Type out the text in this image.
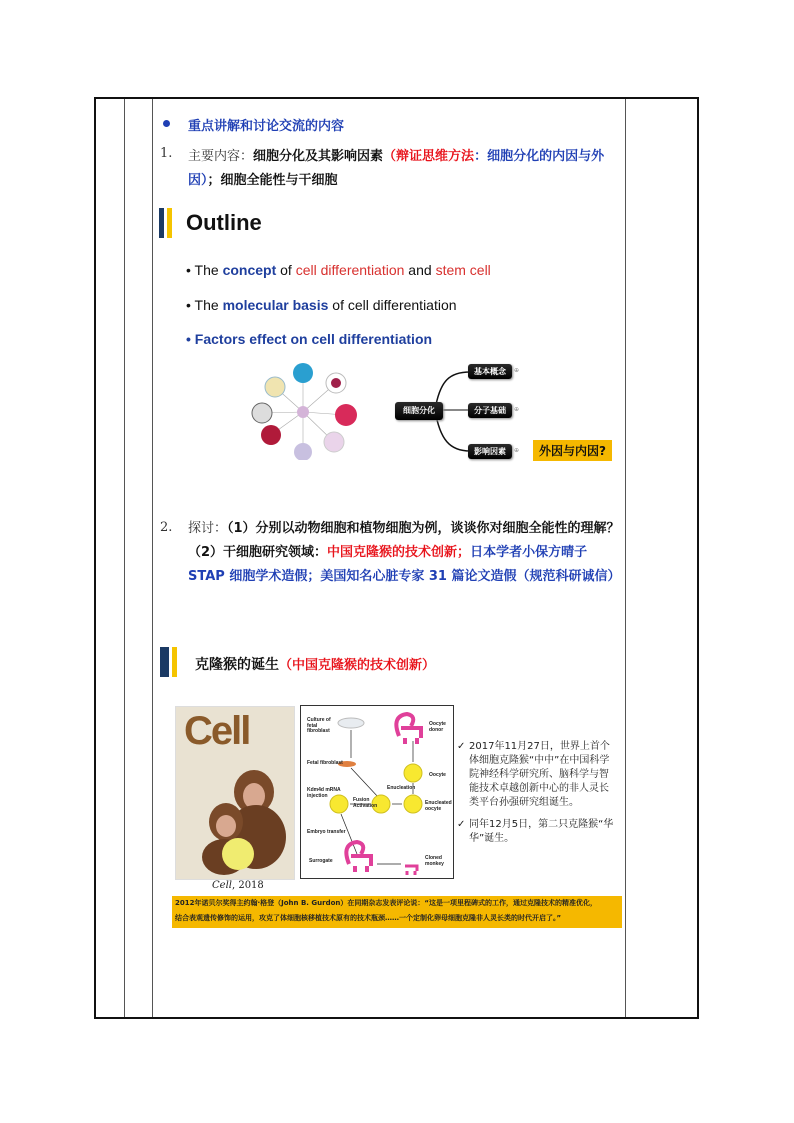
重点讲解和讨论交流的内容
1. 主要内容：细胞分化及其影响因素（辩证思维方法：细胞分化的内因与外因）；细胞全能性与干细胞
Outline
• The concept of cell differentiation and stem cell
• The molecular basis of cell differentiation
• Factors effect on cell differentiation
细胞分化
基本概念
分子基础
影响因素
⊕
⊕
⊕	外因与内因?
2. 探讨：（1）分别以动物细胞和植物细胞为例，谈谈你对细胞全能性的理解？（2）干细胞研究领域：中国克隆猴的技术创新；日本学者小保方晴子 STAP 细胞学术造假；美国知名心脏专家 31 篇论文造假（规范科研诚信）
克隆猴的诞生（中国克隆猴的技术创新）
Cell
Cell, 2018
Culture of fetal fibroblast
Fetal fibroblast
Kdm4d mRNA injection
Fusion Activation
Embryo transfer
Surrogate
Oocyte donor
Oocyte
Enucleation
Enucleated oocyte
Cloned monkey
✓ 2017年11月27日，世界上首个体细胞克隆猴“中中”在中国科学院神经科学研究所、脑科学与智能技术卓越创新中心的非人灵长类平台孙强研究组诞生。
✓ 同年12月5日，第二只克隆猴“华华”诞生。
2012年诺贝尔奖得主约翰·格登（John B. Gurdon）在同期杂志发表评论说：“这是一项里程碑式的工作，通过克隆技术的精准优化，
结合表观遗传修饰的运用，攻克了体细胞核移植技术原有的技术瓶颈……一个定制化卵母细胞克隆非人灵长类的时代开启了。”
